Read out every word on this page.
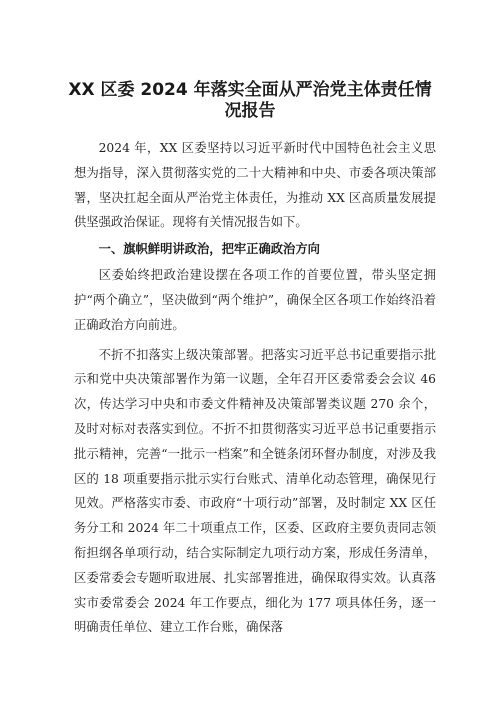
XX 区委 2024 年落实全面从严治党主体责任情况报告

2024 年，XX 区委坚持以习近平新时代中国特色社会主义思想为指导，深入贯彻落实党的二十大精神和中央、市委各项决策部署，坚决扛起全面从严治党主体责任，为推动 XX 区高质量发展提供坚强政治保证。现将有关情况报告如下。

一、旗帜鲜明讲政治，把牢正确政治方向

区委始终把政治建设摆在各项工作的首要位置，带头坚定拥护“两个确立”，坚决做到“两个维护”，确保全区各项工作始终沿着正确政治方向前进。

不折不扣落实上级决策部署。把落实习近平总书记重要指示批示和党中央决策部署作为第一议题，全年召开区委常委会会议 46 次，传达学习中央和市委文件精神及决策部署类议题 270 余个，及时对标对表落实到位。不折不扣贯彻落实习近平总书记重要指示批示精神，完善“一批示一档案”和全链条闭环督办制度，对涉及我区的 18 项重要指示批示实行台账式、清单化动态管理，确保见行见效。严格落实市委、市政府“十项行动”部署，及时制定 XX 区任务分工和 2024 年二十项重点工作，区委、区政府主要负责同志领衔担纲各单项行动，结合实际制定九项行动方案，形成任务清单，区委常委会专题听取进展、扎实部署推进，确保取得实效。认真落实市委常委会 2024 年工作要点，细化为 177 项具体任务，逐一明确责任单位、建立工作台账，确保落
